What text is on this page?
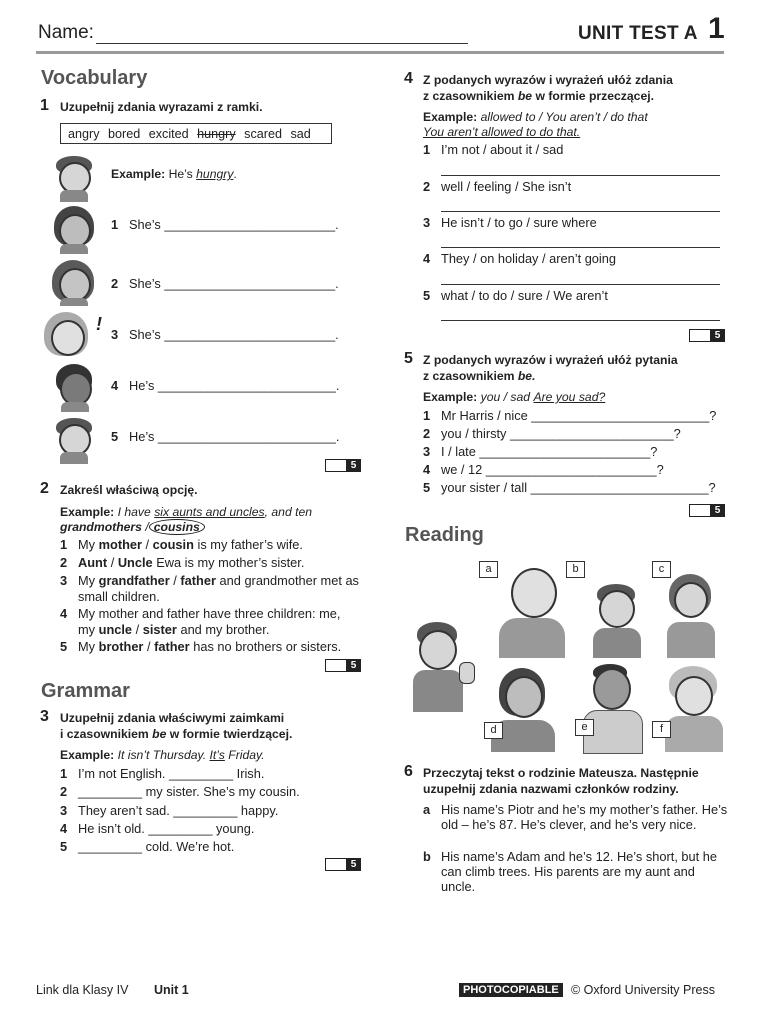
Name:	UNIT TEST A 1
Vocabulary
1 Uzupełnij zdania wyrazami z ramki.
angry bored excited hungry scared sad
!
Example: He’s hungry.
1 She’s ________________________.
2 She’s ________________________.
3 She’s ________________________.
4 He’s _________________________.
5 He’s _________________________.
5
2 Zakreśl właściwą opcję.
Example: I have six aunts and uncles, and ten
grandmothers / cousins
1 My mother / cousin is my father’s wife.
2 Aunt / Uncle Ewa is my mother’s sister.
3 My grandfather / father and grandmother met as small children.
4 My mother and father have three children: me, my uncle / sister and my brother.
5 My brother / father has no brothers or sisters.
5
Grammar
3 Uzupełnij zdania właściwymi zaimkami
i czasownikiem be w formie twierdzącej.
Example: It isn’t Thursday. It’s Friday.
1 I’m not English. _________ Irish.
2 _________ my sister. She’s my cousin.
3 They aren’t sad. _________ happy.
4 He isn’t old. _________ young.
5 _________ cold. We’re hot.
5
4 Z podanych wyrazów i wyrażeń ułóż zdania
z czasownikiem be w formie przeczącej.
Example: allowed to / You aren’t / do that
You aren’t allowed to do that.
1 I’m not / about it / sad
2 well / feeling / She isn’t
3 He isn’t / to go / sure where
4 They / on holiday / aren’t going
5 what / to do / sure / We aren’t
5
5 Z podanych wyrazów i wyrażeń ułóż pytania
z czasownikiem be.
Example: you / sad Are you sad?
1 Mr Harris / nice _________________________?
2 you / thirsty _______________________?
3 I / late ________________________?
4 we / 12 ________________________?
5 your sister / tall _________________________?
5
Reading
a	b	c
d	e	f
6 Przeczytaj tekst o rodzinie Mateusza. Następnie
uzupełnij zdania nazwami członków rodziny.
a His name’s Piotr and he’s my mother’s father. He’s old – he’s 87. He’s clever, and he’s very nice.
b His name’s Adam and he’s 12. He’s short, but he can climb trees. His parents are my aunt and uncle.
Link dla Klasy IV Unit 1	PHOTOCOPIABLE © Oxford University Press
